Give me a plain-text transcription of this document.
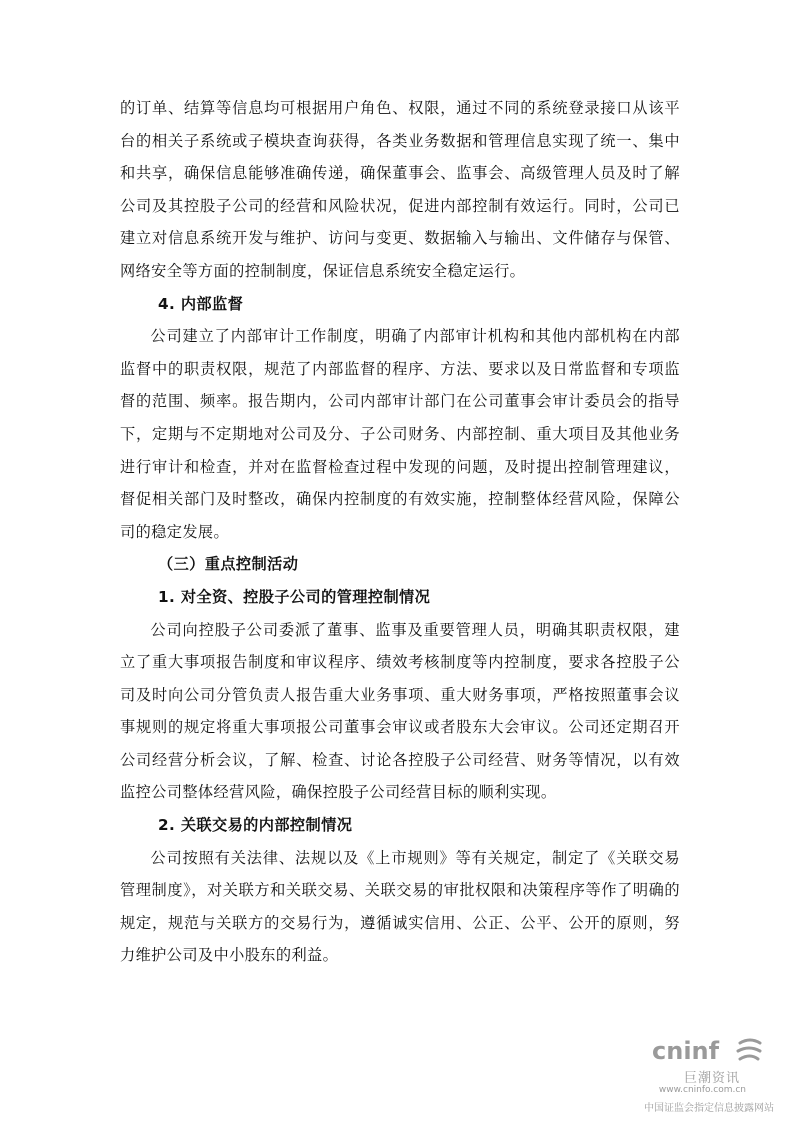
的订单、结算等信息均可根据用户角色、权限，通过不同的系统登录接口从该平台的相关子系统或子模块查询获得，各类业务数据和管理信息实现了统一、集中和共享，确保信息能够准确传递，确保董事会、监事会、高级管理人员及时了解公司及其控股子公司的经营和风险状况，促进内部控制有效运行。同时，公司已建立对信息系统开发与维护、访问与变更、数据输入与输出、文件储存与保管、网络安全等方面的控制制度，保证信息系统安全稳定运行。

4. 内部监督

公司建立了内部审计工作制度，明确了内部审计机构和其他内部机构在内部监督中的职责权限，规范了内部监督的程序、方法、要求以及日常监督和专项监督的范围、频率。报告期内，公司内部审计部门在公司董事会审计委员会的指导下，定期与不定期地对公司及分、子公司财务、内部控制、重大项目及其他业务进行审计和检查，并对在监督检查过程中发现的问题，及时提出控制管理建议，督促相关部门及时整改，确保内控制度的有效实施，控制整体经营风险，保障公司的稳定发展。

（三）重点控制活动

1. 对全资、控股子公司的管理控制情况

公司向控股子公司委派了董事、监事及重要管理人员，明确其职责权限，建立了重大事项报告制度和审议程序、绩效考核制度等内控制度，要求各控股子公司及时向公司分管负责人报告重大业务事项、重大财务事项，严格按照董事会议事规则的规定将重大事项报公司董事会审议或者股东大会审议。公司还定期召开公司经营分析会议，了解、检查、讨论各控股子公司经营、财务等情况，以有效监控公司整体经营风险，确保控股子公司经营目标的顺利实现。

2. 关联交易的内部控制情况

公司按照有关法律、法规以及《上市规则》等有关规定，制定了《关联交易管理制度》，对关联方和关联交易、关联交易的审批权限和决策程序等作了明确的规定，规范与关联方的交易行为，遵循诚实信用、公正、公平、公开的原则，努力维护公司及中小股东的利益。

cninf
巨潮资讯
www.cninfo.com.cn
中国证监会指定信息披露网站
